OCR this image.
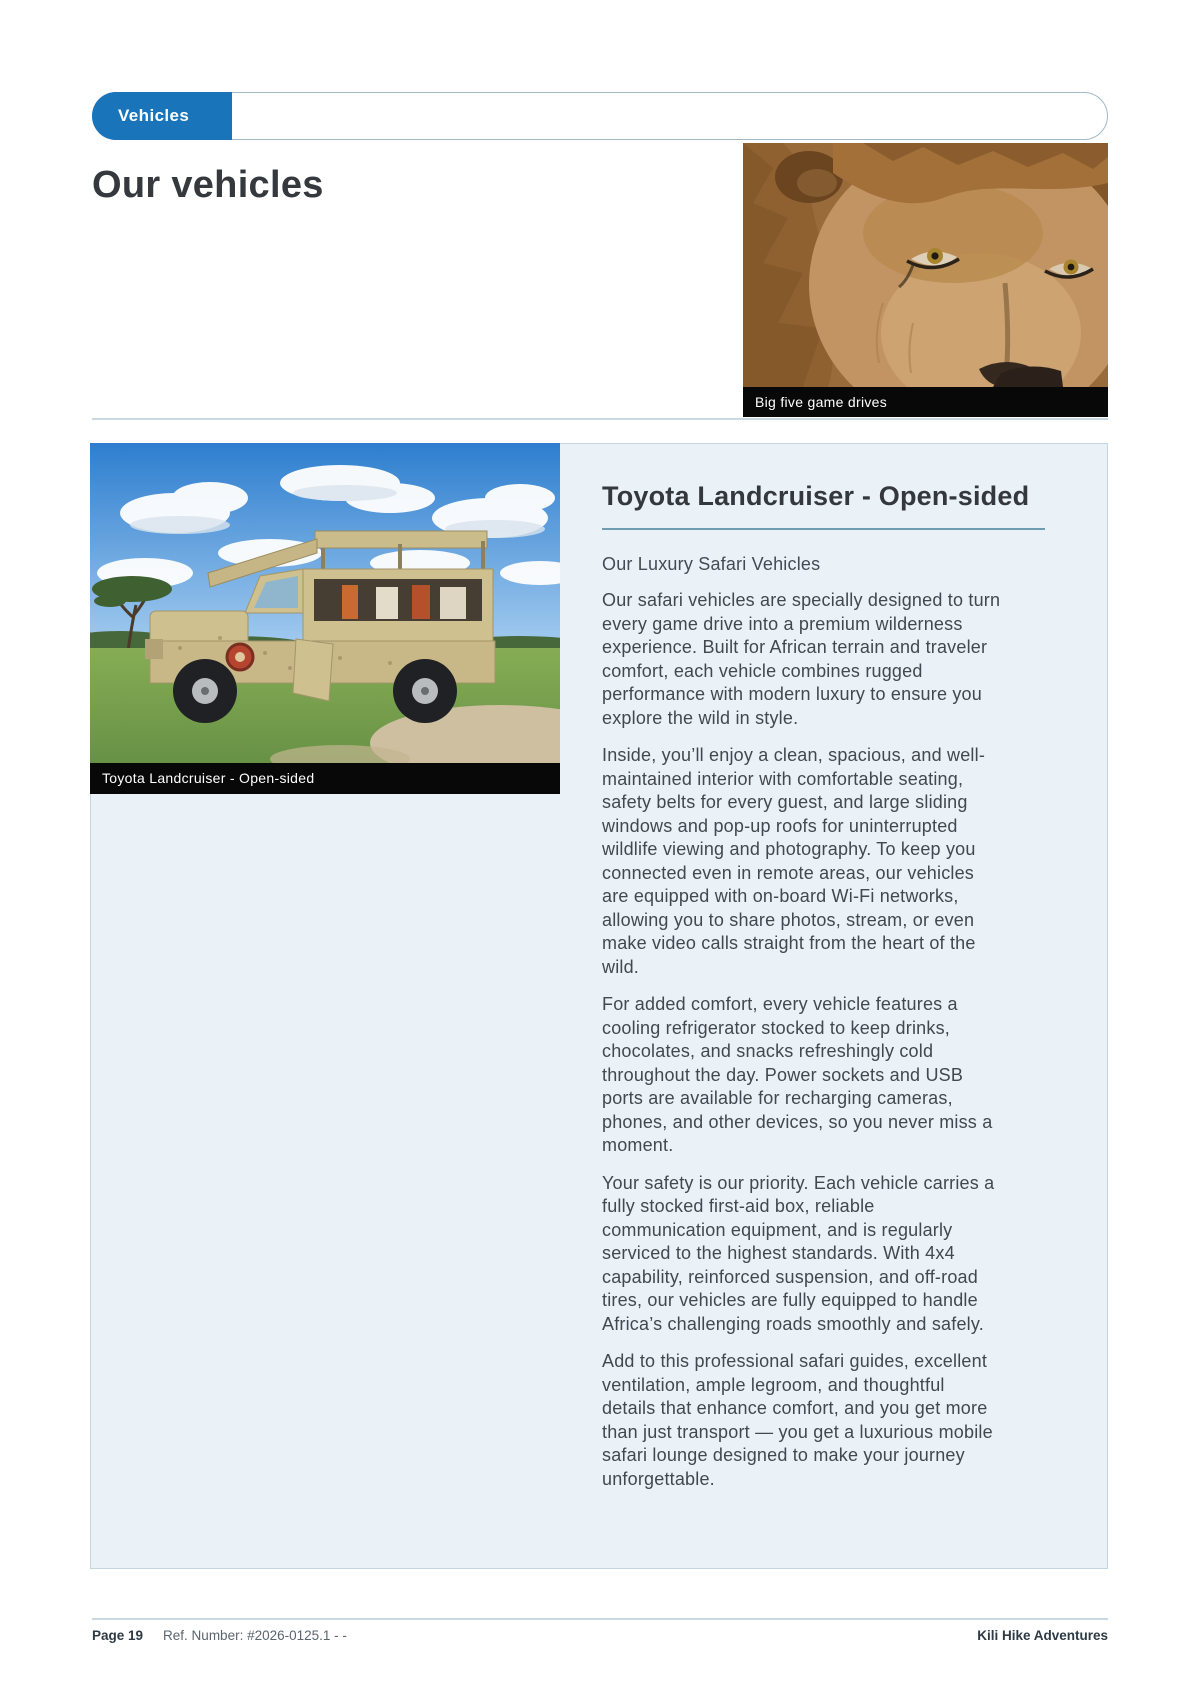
Vehicles
Our vehicles
Big five game drives
Toyota Landcruiser - Open-sided
Toyota Landcruiser - Open-sided
Our Luxury Safari Vehicles

Our safari vehicles are specially designed to turn every game drive into a premium wilderness experience. Built for African terrain and traveler comfort, each vehicle combines rugged performance with modern luxury to ensure you explore the wild in style.

Inside, you’ll enjoy a clean, spacious, and well-maintained interior with comfortable seating, safety belts for every guest, and large sliding windows and pop-up roofs for uninterrupted wildlife viewing and photography. To keep you connected even in remote areas, our vehicles are equipped with on-board Wi-Fi networks, allowing you to share photos, stream, or even make video calls straight from the heart of the wild.

For added comfort, every vehicle features a cooling refrigerator stocked to keep drinks, chocolates, and snacks refreshingly cold throughout the day. Power sockets and USB ports are available for recharging cameras, phones, and other devices, so you never miss a moment.

Your safety is our priority. Each vehicle carries a fully stocked first-aid box, reliable communication equipment, and is regularly serviced to the highest standards. With 4x4 capability, reinforced suspension, and off-road tires, our vehicles are fully equipped to handle Africa’s challenging roads smoothly and safely.

Add to this professional safari guides, excellent ventilation, ample legroom, and thoughtful details that enhance comfort, and you get more than just transport — you get a luxurious mobile safari lounge designed to make your journey unforgettable.

Page 19 Ref. Number: #2026-0125.1 - -	Kili Hike Adventures
